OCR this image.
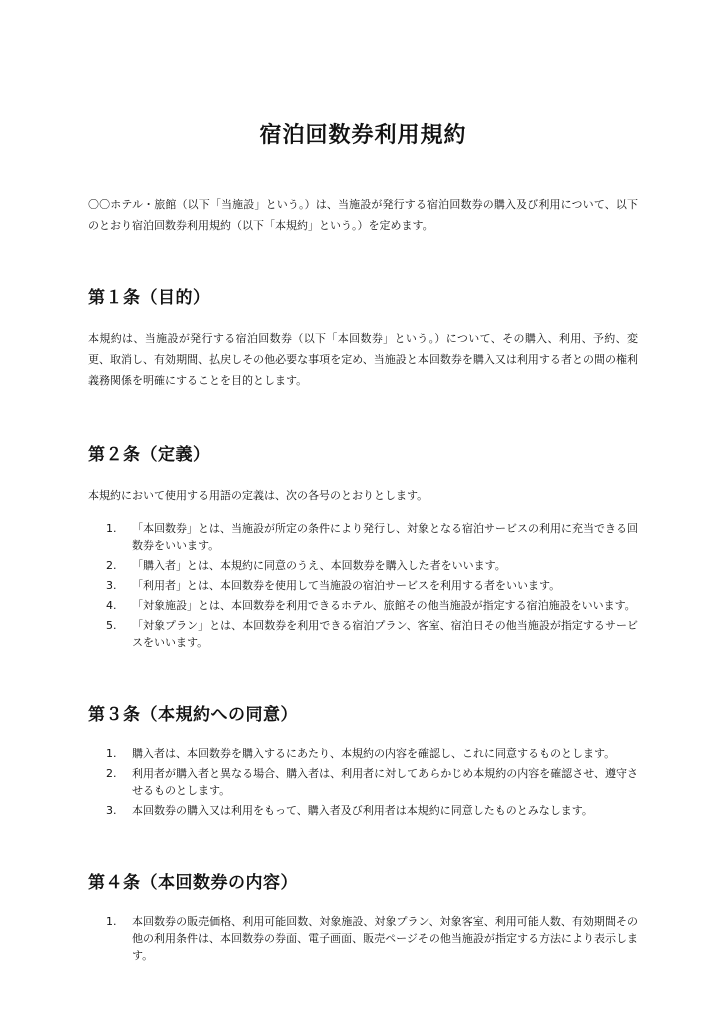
宿泊回数券利用規約

〇〇ホテル・旅館（以下「当施設」という。）は、当施設が発行する宿泊回数券の購入及び利用について、以下のとおり宿泊回数券利用規約（以下「本規約」という。）を定めます。

第１条（目的）

本規約は、当施設が発行する宿泊回数券（以下「本回数券」という。）について、その購入、利用、予約、変更、取消し、有効期間、払戻しその他必要な事項を定め、当施設と本回数券を購入又は利用する者との間の権利義務関係を明確にすることを目的とします。

第２条（定義）

本規約において使用する用語の定義は、次の各号のとおりとします。

1. 「本回数券」とは、当施設が所定の条件により発行し、対象となる宿泊サービスの利用に充当できる回数券をいいます。
2. 「購入者」とは、本規約に同意のうえ、本回数券を購入した者をいいます。
3. 「利用者」とは、本回数券を使用して当施設の宿泊サービスを利用する者をいいます。
4. 「対象施設」とは、本回数券を利用できるホテル、旅館その他当施設が指定する宿泊施設をいいます。
5. 「対象プラン」とは、本回数券を利用できる宿泊プラン、客室、宿泊日その他当施設が指定するサービスをいいます。
第３条（本規約への同意）
1. 購入者は、本回数券を購入するにあたり、本規約の内容を確認し、これに同意するものとします。
2. 利用者が購入者と異なる場合、購入者は、利用者に対してあらかじめ本規約の内容を確認させ、遵守させるものとします。
3. 本回数券の購入又は利用をもって、購入者及び利用者は本規約に同意したものとみなします。
第４条（本回数券の内容）
1. 本回数券の販売価格、利用可能回数、対象施設、対象プラン、対象客室、利用可能人数、有効期間その他の利用条件は、本回数券の券面、電子画面、販売ページその他当施設が指定する方法により表示します。
